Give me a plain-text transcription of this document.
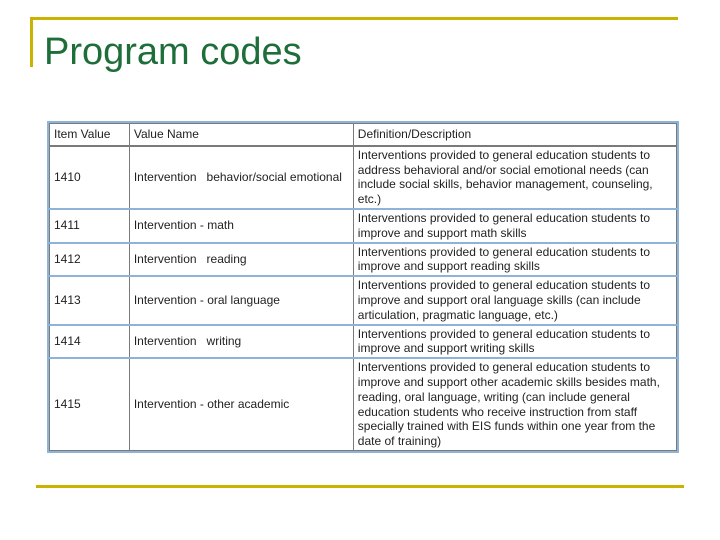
Program codes
Item Value	Value Name	Definition/Description
1410	Intervention   behavior/social emotional	Interventions provided to general education students to address behavioral and/or social emotional needs (can include social skills, behavior management, counseling, etc.)
1411	Intervention - math	Interventions provided to general education students to improve and support math skills
1412	Intervention   reading	Interventions provided to general education students to improve and support reading skills
1413	Intervention - oral language	Interventions provided to general education students to improve and support oral language skills (can include articulation, pragmatic language, etc.)
1414	Intervention   writing	Interventions provided to general education students to improve and support writing skills
1415	Intervention - other academic	Interventions provided to general education students to improve and support other academic skills besides math, reading, oral language, writing (can include general education students who receive instruction from staff specially trained with EIS funds within one year from the date of training)
